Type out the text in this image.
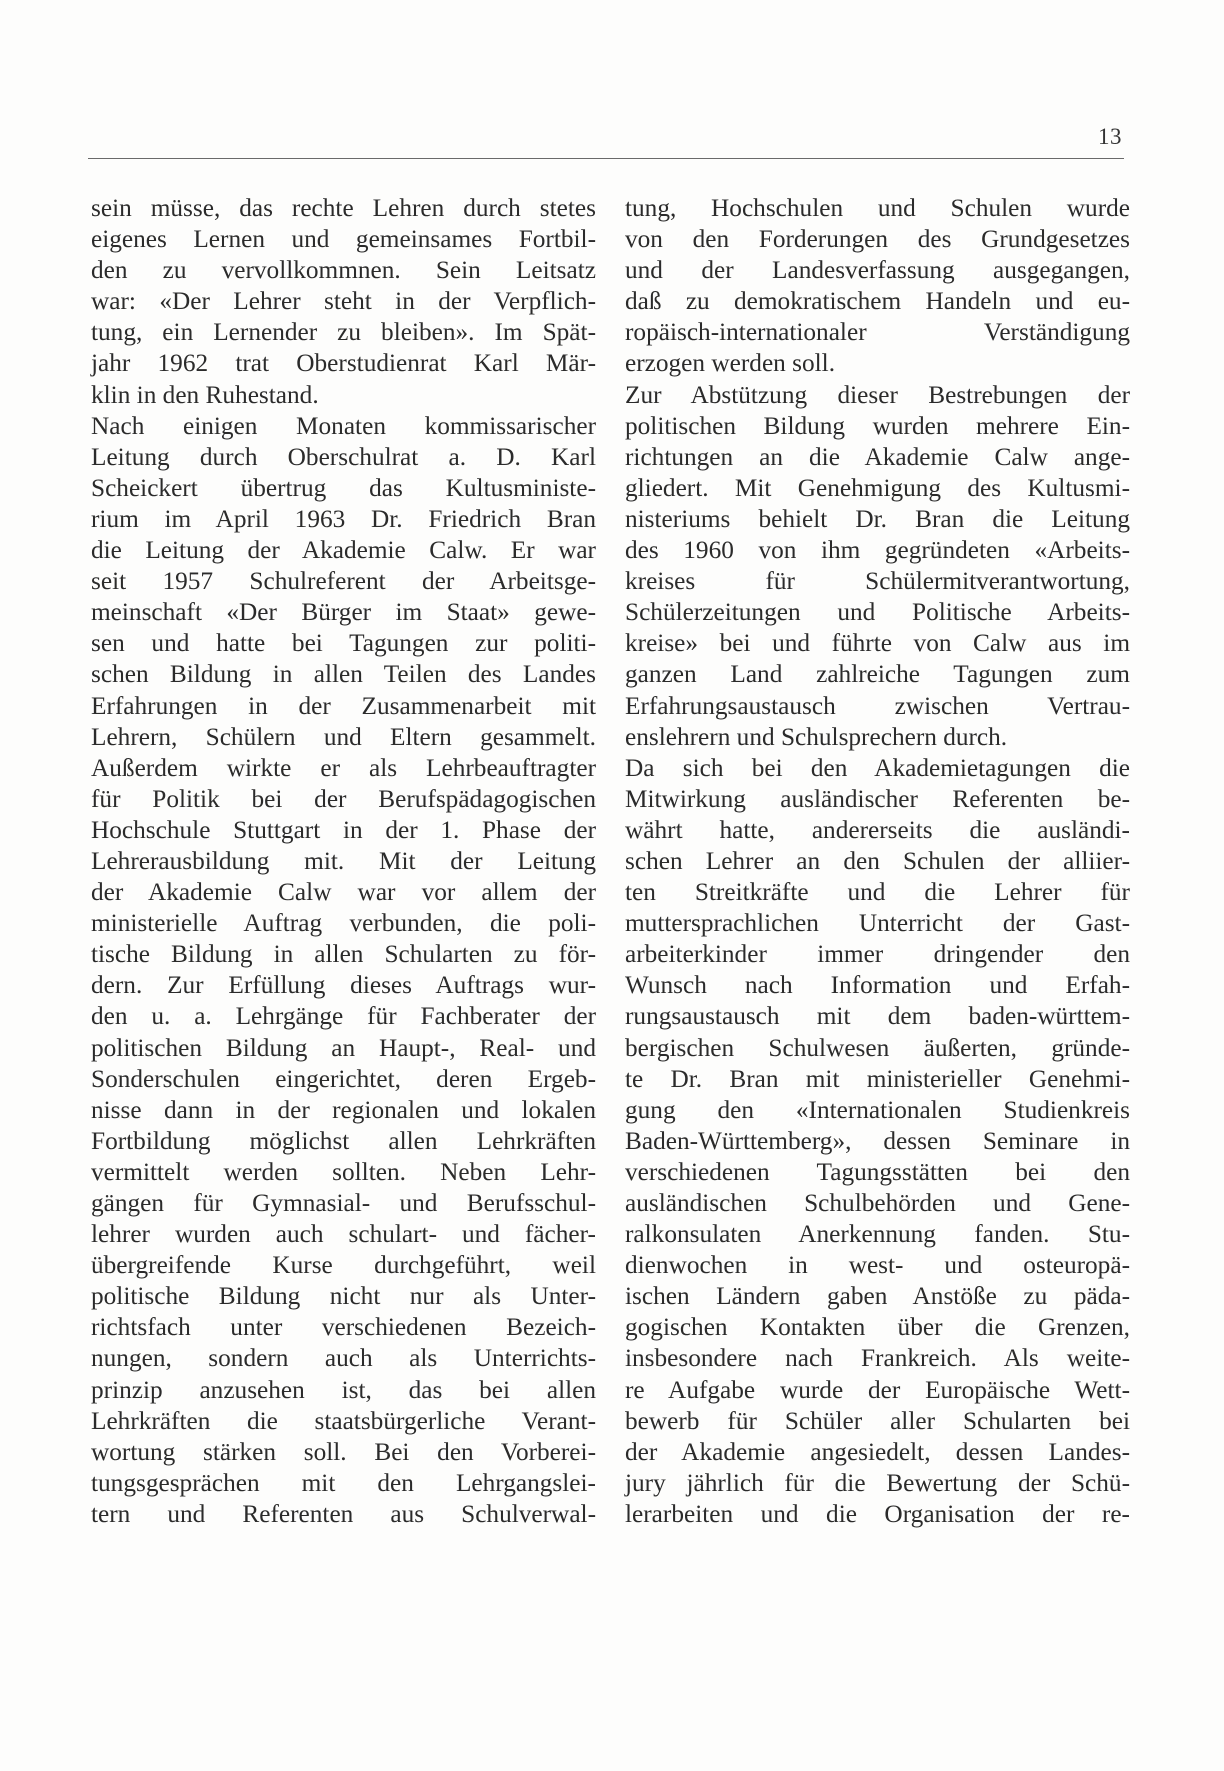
13
sein müsse, das rechte Lehren durch stetes
eigenes Lernen und gemeinsames Fortbil-
den zu vervollkommnen. Sein Leitsatz
war: «Der Lehrer steht in der Verpflich-
tung, ein Lernender zu bleiben». Im Spät-
jahr 1962 trat Oberstudienrat Karl Mär-
klin in den Ruhestand.
Nach einigen Monaten kommissarischer
Leitung durch Oberschulrat a. D. Karl
Scheickert übertrug das Kultusministe-
rium im April 1963 Dr. Friedrich Bran
die Leitung der Akademie Calw. Er war
seit 1957 Schulreferent der Arbeitsge-
meinschaft «Der Bürger im Staat» gewe-
sen und hatte bei Tagungen zur politi-
schen Bildung in allen Teilen des Landes
Erfahrungen in der Zusammenarbeit mit
Lehrern, Schülern und Eltern gesammelt.
Außerdem wirkte er als Lehrbeauftragter
für Politik bei der Berufspädagogischen
Hochschule Stuttgart in der 1. Phase der
Lehrerausbildung mit. Mit der Leitung
der Akademie Calw war vor allem der
ministerielle Auftrag verbunden, die poli-
tische Bildung in allen Schularten zu för-
dern. Zur Erfüllung dieses Auftrags wur-
den u. a. Lehrgänge für Fachberater der
politischen Bildung an Haupt-, Real- und
Sonderschulen eingerichtet, deren Ergeb-
nisse dann in der regionalen und lokalen
Fortbildung möglichst allen Lehrkräften
vermittelt werden sollten. Neben Lehr-
gängen für Gymnasial- und Berufsschul-
lehrer wurden auch schulart- und fächer-
übergreifende Kurse durchgeführt, weil
politische Bildung nicht nur als Unter-
richtsfach unter verschiedenen Bezeich-
nungen, sondern auch als Unterrichts-
prinzip anzusehen ist, das bei allen
Lehrkräften die staatsbürgerliche Verant-
wortung stärken soll. Bei den Vorberei-
tungsgesprächen mit den Lehrgangslei-
tern und Referenten aus Schulverwal-
tung, Hochschulen und Schulen wurde
von den Forderungen des Grundgesetzes
und der Landesverfassung ausgegangen,
daß zu demokratischem Handeln und eu-
ropäisch-internationaler Verständigung
erzogen werden soll.
Zur Abstützung dieser Bestrebungen der
politischen Bildung wurden mehrere Ein-
richtungen an die Akademie Calw ange-
gliedert. Mit Genehmigung des Kultusmi-
nisteriums behielt Dr. Bran die Leitung
des 1960 von ihm gegründeten «Arbeits-
kreises für Schülermitverantwortung,
Schülerzeitungen und Politische Arbeits-
kreise» bei und führte von Calw aus im
ganzen Land zahlreiche Tagungen zum
Erfahrungsaustausch zwischen Vertrau-
enslehrern und Schulsprechern durch.
Da sich bei den Akademietagungen die
Mitwirkung ausländischer Referenten be-
währt hatte, andererseits die ausländi-
schen Lehrer an den Schulen der alliier-
ten Streitkräfte und die Lehrer für
muttersprachlichen Unterricht der Gast-
arbeiterkinder immer dringender den
Wunsch nach Information und Erfah-
rungsaustausch mit dem baden-württem-
bergischen Schulwesen äußerten, gründe-
te Dr. Bran mit ministerieller Genehmi-
gung den «Internationalen Studienkreis
Baden-Württemberg», dessen Seminare in
verschiedenen Tagungsstätten bei den
ausländischen Schulbehörden und Gene-
ralkonsulaten Anerkennung fanden. Stu-
dienwochen in west- und osteuropä-
ischen Ländern gaben Anstöße zu päda-
gogischen Kontakten über die Grenzen,
insbesondere nach Frankreich. Als weite-
re Aufgabe wurde der Europäische Wett-
bewerb für Schüler aller Schularten bei
der Akademie angesiedelt, dessen Landes-
jury jährlich für die Bewertung der Schü-
lerarbeiten und die Organisation der re-
